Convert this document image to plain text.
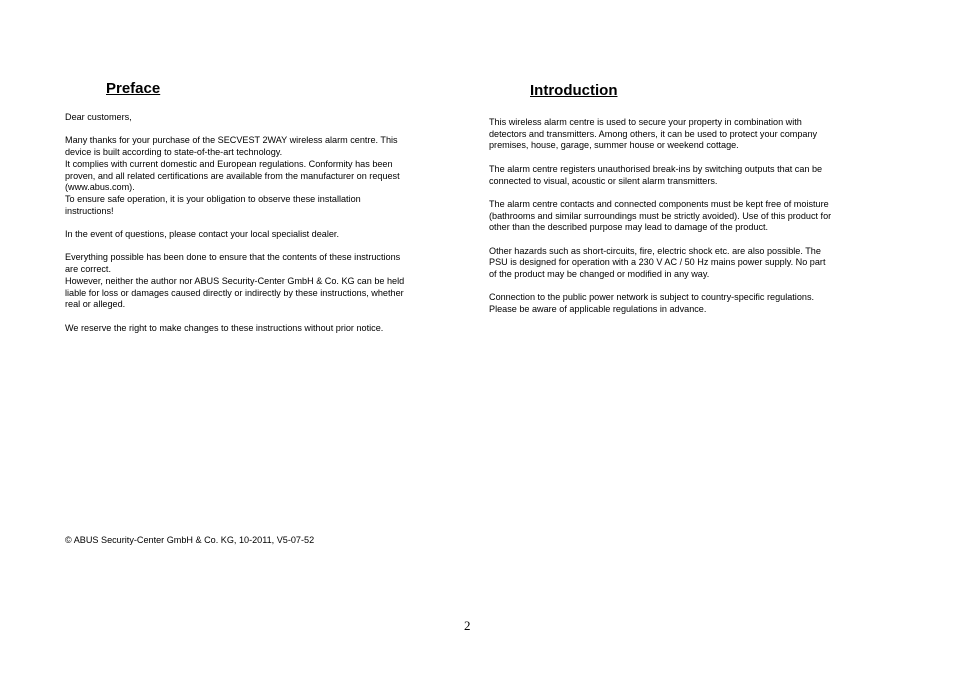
Preface

Dear customers,

Many thanks for your purchase of the SECVEST 2WAY wireless alarm centre. This
device is built according to state-of-the-art technology.
It complies with current domestic and European regulations. Conformity has been
proven, and all related certifications are available from the manufacturer on request
(www.abus.com).
To ensure safe operation, it is your obligation to observe these installation
instructions!

In the event of questions, please contact your local specialist dealer.

Everything possible has been done to ensure that the contents of these instructions
are correct.
However, neither the author nor ABUS Security-Center GmbH & Co. KG can be held
liable for loss or damages caused directly or indirectly by these instructions, whether
real or alleged.

We reserve the right to make changes to these instructions without prior notice.

Introduction

This wireless alarm centre is used to secure your property in combination with
detectors and transmitters. Among others, it can be used to protect your company
premises, house, garage, summer house or weekend cottage.

The alarm centre registers unauthorised break-ins by switching outputs that can be
connected to visual, acoustic or silent alarm transmitters.

The alarm centre contacts and connected components must be kept free of moisture
(bathrooms and similar surroundings must be strictly avoided). Use of this product for
other than the described purpose may lead to damage of the product.

Other hazards such as short-circuits, fire, electric shock etc. are also possible. The
PSU is designed for operation with a 230 V AC / 50 Hz mains power supply. No part
of the product may be changed or modified in any way.

Connection to the public power network is subject to country-specific regulations.
Please be aware of applicable regulations in advance.

© ABUS Security-Center GmbH & Co. KG, 10-2011, V5-07-52
2
